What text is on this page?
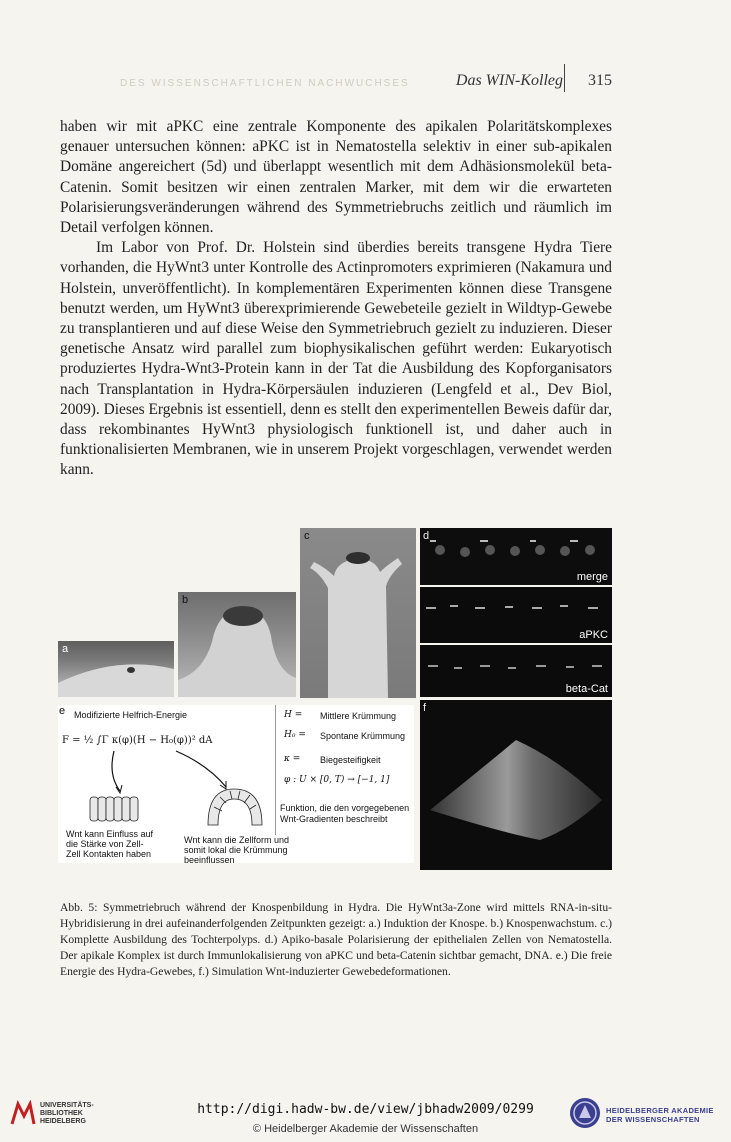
DES WISSENSCHAFTLICHEN NACHWUCHSES	Das WIN-Kolleg 315

haben wir mit aPKC eine zentrale Komponente des apikalen Polaritätskomplexes genauer untersuchen können: aPKC ist in Nematostella selektiv in einer sub-apikalen Domäne angereichert (5d) und überlappt wesentlich mit dem Adhäsionsmolekül beta-Catenin. Somit besitzen wir einen zentralen Marker, mit dem wir die erwarteten Polarisierungsveränderungen während des Symmetriebruchs zeitlich und räumlich im Detail verfolgen können.

Im Labor von Prof. Dr. Holstein sind überdies bereits transgene Hydra Tiere vorhanden, die HyWnt3 unter Kontrolle des Actinpromoters exprimieren (Nakamura und Holstein, unveröffentlicht). In komplementären Experimenten können diese Transgene benutzt werden, um HyWnt3 überexprimierende Gewebeteile gezielt in Wildtyp-Gewebe zu transplantieren und auf diese Weise den Symmetriebruch gezielt zu induzieren. Dieser genetische Ansatz wird parallel zum biophysikalischen geführt werden: Eukaryotisch produziertes Hydra-Wnt3-Protein kann in der Tat die Ausbildung des Kopforganisators nach Transplantation in Hydra-Körpersäulen induzieren (Lengfeld et al., Dev Biol, 2009). Dieses Ergebnis ist essentiell, denn es stellt den experimentellen Beweis dafür dar, dass rekombinantes HyWnt3 physiologisch funktionell ist, und daher auch in funktionalisierten Membranen, wie in unserem Projekt vorgeschlagen, verwendet werden kann.

a
b
c	d
merge
aPKC
beta-Cat
e Modifizierte Helfrich-Energie
F = ½ ∫Γ κ(φ)(H − H₀(φ))² dA
H = Mittlere Krümmung
H₀ = Spontane Krümmung
κ = Biegesteifigkeit
φ : U × [0, T) → [−1, 1]
Funktion, die den vorgegebenen
Wnt-Gradienten beschreibt
Wnt kann Einfluss auf
die Stärke von Zell-
Zell Kontakten haben
Wnt kann die Zellform und
somit lokal die Krümmung
beeinflussen
f

Abb. 5: Symmetriebruch während der Knospenbildung in Hydra. Die HyWnt3a-Zone wird mittels RNA-in-situ-Hybridisierung in drei aufeinanderfolgenden Zeitpunkten gezeigt: a.) Induktion der Knospe. b.) Knospenwachstum. c.) Komplette Ausbildung des Tochterpolyps. d.) Apiko-basale Polarisierung der epithelialen Zellen von Nematostella. Der apikale Komplex ist durch Immunlokalisierung von aPKC und beta-Catenin sichtbar gemacht, DNA. e.) Die freie Energie des Hydra-Gewebes, f.) Simulation Wnt-induzierter Gewebedeformationen.

UNIVERSITÄTS-
BIBLIOTHEK
HEIDELBERG
http://digi.hadw-bw.de/view/jbhadw2009/0299
© Heidelberger Akademie der Wissenschaften
HEIDELBERGER AKADEMIE
DER WISSENSCHAFTEN
